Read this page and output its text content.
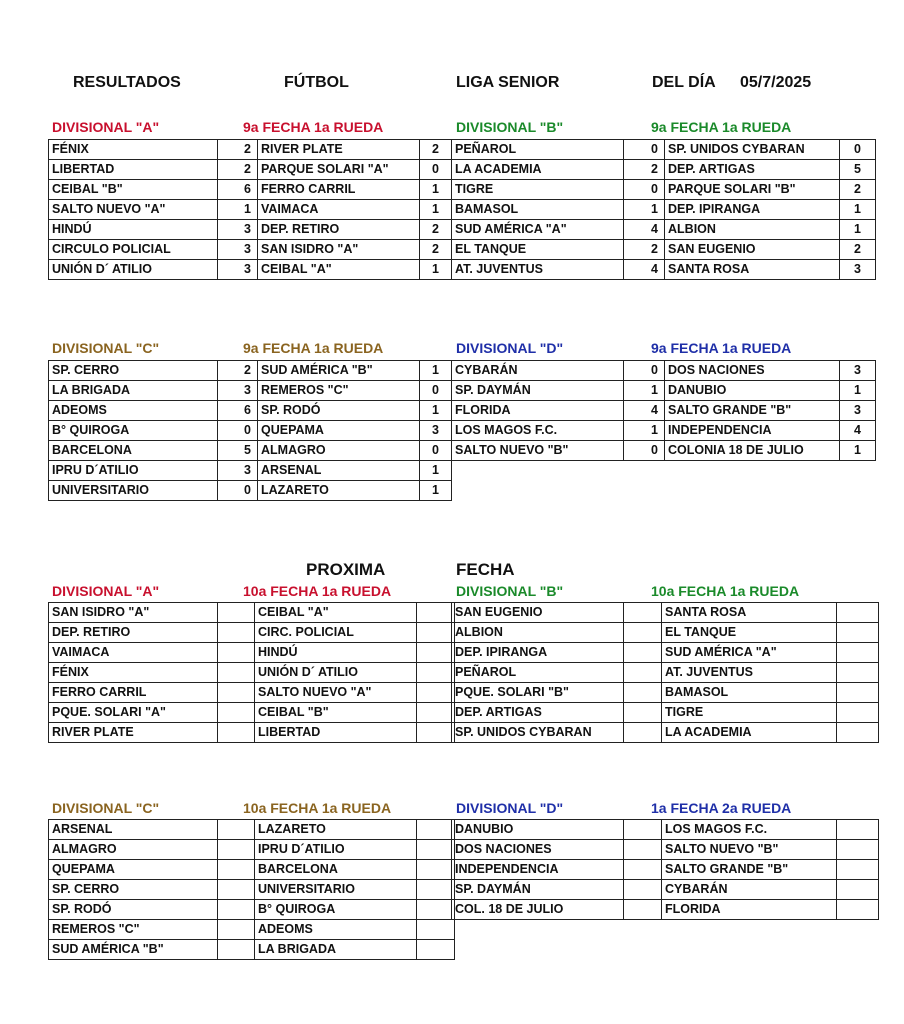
RESULTADOS	FÚTBOL	LIGA SENIOR	DEL DÍA 05/7/2025
DIVISIONAL "A"	9a FECHA 1a RUEDA	DIVISIONAL "B"	9a FECHA 1a RUEDA
FÉNIX	2	RIVER PLATE	2
LIBERTAD	2	PARQUE SOLARI "A"	0
CEIBAL "B"	6	FERRO CARRIL	1
SALTO NUEVO "A"	1	VAIMACA	1
HINDÚ	3	DEP. RETIRO	2
CIRCULO POLICIAL	3	SAN ISIDRO "A"	2
UNIÓN D´ ATILIO	3	CEIBAL "A"	1
PEÑAROL	0	SP. UNIDOS CYBARAN	0
LA ACADEMIA	2	DEP. ARTIGAS	5
TIGRE	0	PARQUE SOLARI "B"	2
BAMASOL	1	DEP. IPIRANGA	1
SUD AMÉRICA "A"	4	ALBION	1
EL TANQUE	2	SAN EUGENIO	2
AT. JUVENTUS	4	SANTA ROSA	3
DIVISIONAL "C"	9a FECHA 1a RUEDA	DIVISIONAL "D"	9a FECHA 1a RUEDA
SP. CERRO	2	SUD AMÉRICA "B"	1
LA BRIGADA	3	REMEROS "C"	0
ADEOMS	6	SP. RODÓ	1
B° QUIROGA	0	QUEPAMA	3
BARCELONA	5	ALMAGRO	0
IPRU D´ATILIO	3	ARSENAL	1
UNIVERSITARIO	0	LAZARETO	1
CYBARÁN	0	DOS NACIONES	3
SP. DAYMÁN	1	DANUBIO	1
FLORIDA	4	SALTO GRANDE "B"	3
LOS MAGOS F.C.	1	INDEPENDENCIA	4
SALTO NUEVO "B"	0	COLONIA 18 DE JULIO	1
PROXIMA	FECHA
DIVISIONAL "A"	10a FECHA 1a RUEDA	DIVISIONAL "B"	10a FECHA 1a RUEDA
SAN ISIDRO "A"		CEIBAL "A"	
DEP. RETIRO		CIRC. POLICIAL	
VAIMACA		HINDÚ	
FÉNIX		UNIÓN D´ ATILIO	
FERRO CARRIL		SALTO NUEVO "A"	
PQUE. SOLARI "A"		CEIBAL "B"	
RIVER PLATE		LIBERTAD	
SAN EUGENIO		SANTA ROSA	
ALBION		EL TANQUE	
DEP. IPIRANGA		SUD AMÉRICA "A"	
PEÑAROL		AT. JUVENTUS	
PQUE. SOLARI "B"		BAMASOL	
DEP. ARTIGAS		TIGRE	
SP. UNIDOS CYBARAN		LA ACADEMIA	
DIVISIONAL "C"	10a FECHA 1a RUEDA	DIVISIONAL "D"	1a FECHA 2a RUEDA
ARSENAL		LAZARETO	
ALMAGRO		IPRU D´ATILIO	
QUEPAMA		BARCELONA	
SP. CERRO		UNIVERSITARIO	
SP. RODÓ		B° QUIROGA	
REMEROS "C"		ADEOMS	
SUD AMÉRICA "B"		LA BRIGADA	
DANUBIO		LOS MAGOS F.C.	
DOS NACIONES		SALTO NUEVO "B"	
INDEPENDENCIA		SALTO GRANDE "B"	
SP. DAYMÁN		CYBARÁN	
COL. 18 DE JULIO		FLORIDA	
